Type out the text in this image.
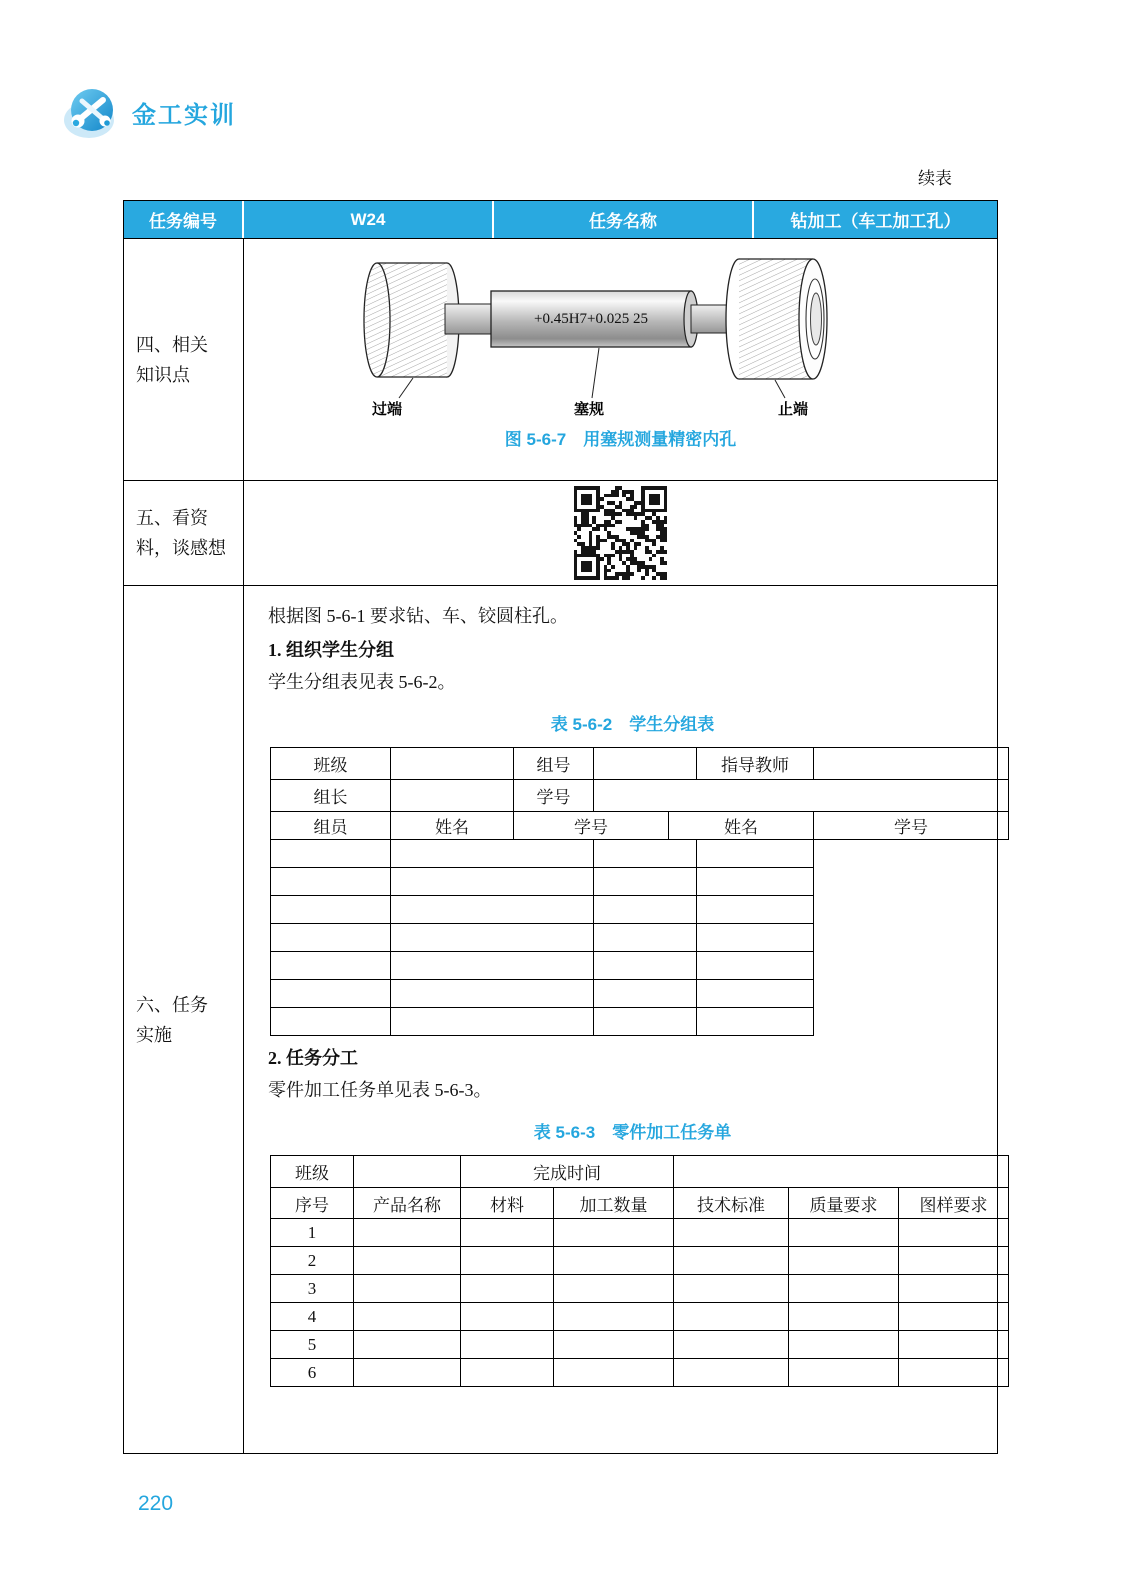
金工实训
续表
任务编号	W24	任务名称	钻加工（车工加工孔）
四、相关
知识点
+0.45H7+0.025 25
过端	塞规	止端
图 5-6-7　用塞规测量精密内孔
五、看资
料，谈感想
六、任务
实施
根据图 5-6-1 要求钻、车、铰圆柱孔。
1. 组织学生分组
学生分组表见表 5-6-2。
表 5-6-2　学生分组表
班级		组号			指导教师	
组长		学号				
组员	姓名	学号		姓名		学号

2. 任务分工
零件加工任务单见表 5-6-3。
表 5-6-3　零件加工任务单
班级		完成时间				
序号	产品名称	材料	加工数量	技术标准	质量要求	图样要求
1						
2						
3						
4						
5						
6						
220
